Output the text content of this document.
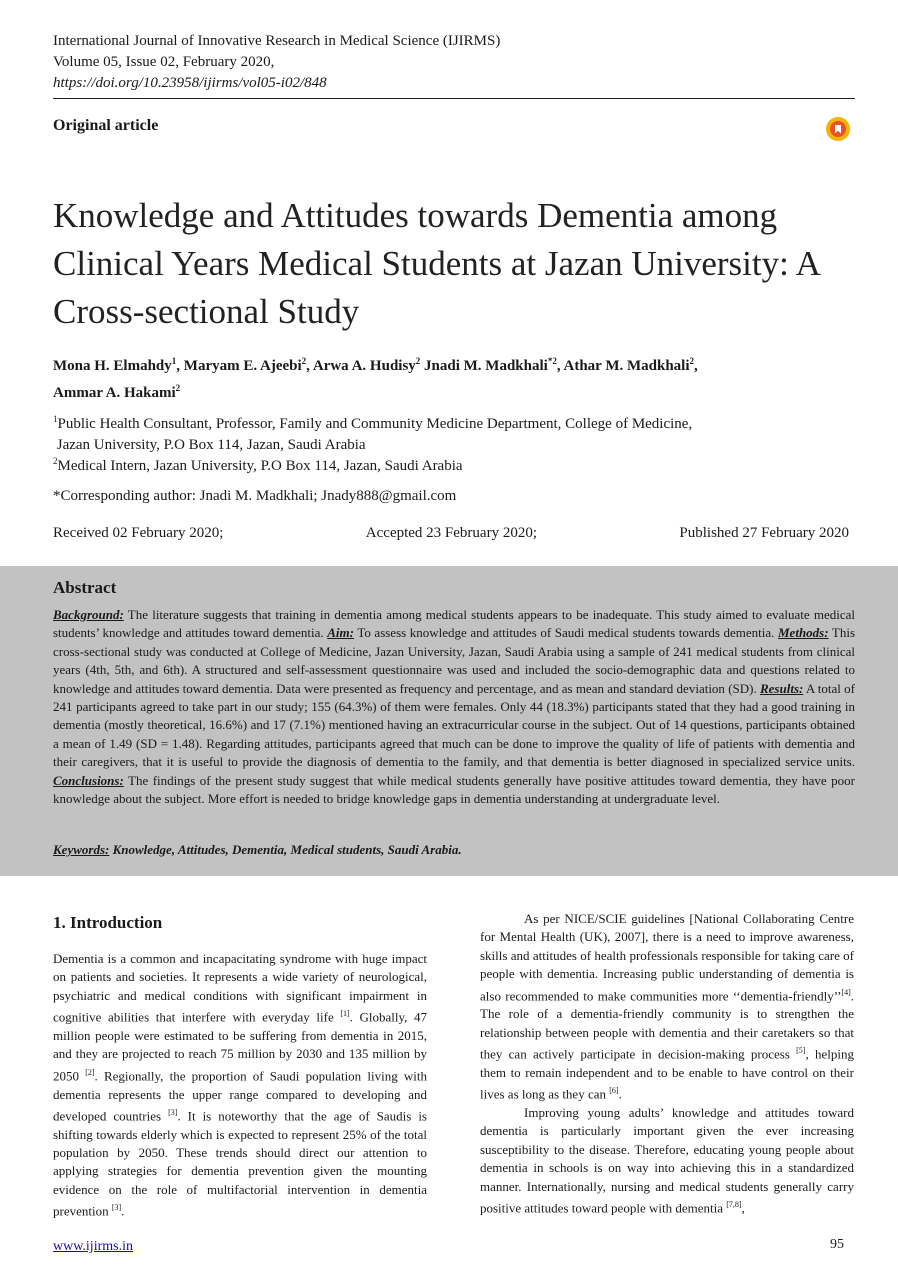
International Journal of Innovative Research in Medical Science (IJIRMS)
Volume 05, Issue 02, February 2020,
https://doi.org/10.23958/ijirms/vol05-i02/848
Original article
Knowledge and Attitudes towards Dementia among Clinical Years Medical Students at Jazan University: A Cross-sectional Study
Mona H. Elmahdy$^1$, Maryam E. Ajeebi$^2$, Arwa A. Hudisy$^2$ Jnadi M. Madkhali$^{*2}$, Athar M. Madkhali$^2$,
Ammar A. Hakami$^2$
$^1$Public Health Consultant, Professor, Family and Community Medicine Department, College of Medicine,
Jazan University, P.O Box 114, Jazan, Saudi Arabia
$^2$Medical Intern, Jazan University, P.O Box 114, Jazan, Saudi Arabia
*Corresponding author: Jnadi M. Madkhali; Jnady888@gmail.com
Received 02 February 2020;	Accepted 23 February 2020;	Published 27 February 2020
Abstract
Background: The literature suggests that training in dementia among medical students appears to be inadequate. This study aimed to evaluate medical students’ knowledge and attitudes toward dementia. Aim: To assess knowledge and attitudes of Saudi medical students towards dementia. Methods: This cross-sectional study was conducted at College of Medicine, Jazan University, Jazan, Saudi Arabia using a sample of 241 medical students from clinical years (4th, 5th, and 6th). A structured and self-assessment questionnaire was used and included the socio-demographic data and questions related to knowledge and attitudes toward dementia. Data were presented as frequency and percentage, and as mean and standard deviation (SD). Results: A total of 241 participants agreed to take part in our study; 155 (64.3%) of them were females. Only 44 (18.3%) participants stated that they had a good training in dementia (mostly theoretical, 16.6%) and 17 (7.1%) mentioned having an extracurricular course in the subject. Out of 14 questions, participants obtained a mean of 1.49 (SD = 1.48). Regarding attitudes, participants agreed that much can be done to improve the quality of life of patients with dementia and their caregivers, that it is useful to provide the diagnosis of dementia to the family, and that dementia is better diagnosed in specialized service units. Conclusions: The findings of the present study suggest that while medical students generally have positive attitudes toward dementia, they have poor knowledge about the subject. More effort is needed to bridge knowledge gaps in dementia understanding at undergraduate level.
Keywords: Knowledge, Attitudes, Dementia, Medical students, Saudi Arabia.
1. Introduction

Dementia is a common and incapacitating syndrome with huge impact on patients and societies. It represents a wide variety of neurological, psychiatric and medical conditions with significant impairment in cognitive abilities that interfere with everyday life [1]. Globally, 47 million people were estimated to be suffering from dementia in 2015, and they are projected to reach 75 million by 2030 and 135 million by 2050 [2]. Regionally, the proportion of Saudi population living with dementia represents the upper range compared to developing and developed countries [3]. It is noteworthy that the age of Saudis is shifting towards elderly which is expected to represent 25% of the total population by 2050. These trends should direct our attention to applying strategies for dementia prevention given the mounting evidence on the role of multifactorial intervention in dementia prevention [3].

As per NICE/SCIE guidelines [National Collaborating Centre for Mental Health (UK), 2007], there is a need to improve awareness, skills and attitudes of health professionals responsible for taking care of people with dementia. Increasing public understanding of dementia is also recommended to make communities more ‘‘dementia-friendly’’[4]. The role of a dementia-friendly community is to strengthen the relationship between people with dementia and their caretakers so that they can actively participate in decision-making process [5], helping them to remain independent and to be enable to have control on their lives as long as they can [6].

Improving young adults’ knowledge and attitudes toward dementia is particularly important given the ever increasing susceptibility to the disease. Therefore, educating young people about dementia in schools is on way into achieving this in a standardized manner. Internationally, nursing and medical students generally carry positive attitudes toward people with dementia [7,8],

www.ijirms.in	95
